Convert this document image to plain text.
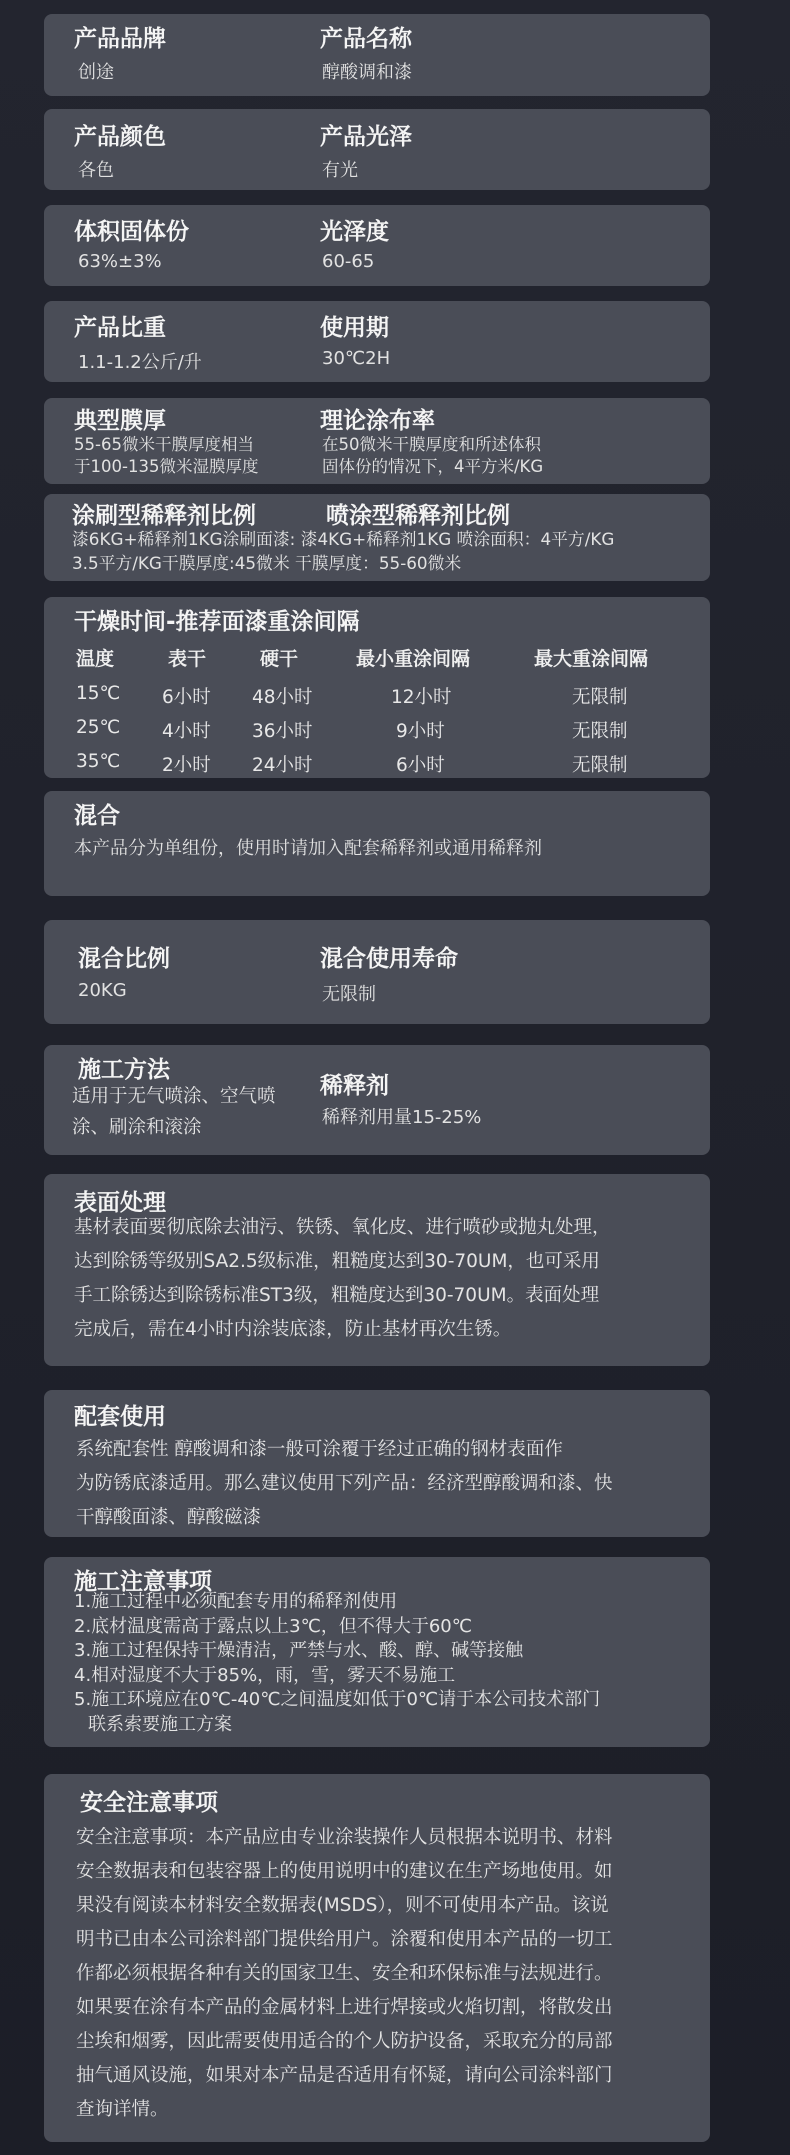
产品品牌
创途
产品名称
醇酸调和漆
产品颜色
各色
产品光泽
有光
体积固体份
63%±3%
光泽度
60-65
产品比重
1.1-1.2公斤/升
使用期
30℃2H
典型膜厚
55-65微米干膜厚度相当
于100-135微米湿膜厚度
理论涂布率
在50微米干膜厚度和所述体积
固体份的情况下，4平方米/KG
涂刷型稀释剂比例	喷涂型稀释剂比例
漆6KG+稀释剂1KG涂刷面漆: 漆4KG+稀释剂1KG 喷涂面积：4平方/KG
3.5平方/KG干膜厚度:45微米 干膜厚度：55-60微米
干燥时间-推荐面漆重涂间隔
温度	表干	硬干	最小重涂间隔	最大重涂间隔
15℃ 6小时 48小时	12小时	无限制
25℃ 4小时 36小时	9小时	无限制
35℃ 2小时 24小时	6小时	无限制
混合
本产品分为单组份，使用时请加入配套稀释剂或通用稀释剂
混合比例
20KG
混合使用寿命
无限制
施工方法
适用于无气喷涂、空气喷
涂、刷涂和滚涂
稀释剂
稀释剂用量15-25%
表面处理
基材表面要彻底除去油污、铁锈、氧化皮、进行喷砂或抛丸处理，
达到除锈等级别SA2.5级标准，粗糙度达到30-70UM，也可采用
手工除锈达到除锈标准ST3级，粗糙度达到30-70UM。表面处理
完成后，需在4小时内涂装底漆，防止基材再次生锈。
配套使用
系统配套性 醇酸调和漆一般可涂覆于经过正确的钢材表面作
为防锈底漆适用。那么建议使用下列产品：经济型醇酸调和漆、快
干醇酸面漆、醇酸磁漆
施工注意事项
1.施工过程中必须配套专用的稀释剂使用
2.底材温度需高于露点以上3℃，但不得大于60℃
3.施工过程保持干燥清洁，严禁与水、酸、醇、碱等接触
4.相对湿度不大于85%，雨，雪，雾天不易施工
5.施工环境应在0℃-40℃之间温度如低于0℃请于本公司技术部门
联系索要施工方案
安全注意事项
安全注意事项：本产品应由专业涂装操作人员根据本说明书、材料
安全数据表和包装容器上的使用说明中的建议在生产场地使用。如
果没有阅读本材料安全数据表(MSDS），则不可使用本产品。该说
明书已由本公司涂料部门提供给用户。涂覆和使用本产品的一切工
作都必须根据各种有关的国家卫生、安全和环保标准与法规进行。
如果要在涂有本产品的金属材料上进行焊接或火焰切割，将散发出
尘埃和烟雾，因此需要使用适合的个人防护设备，采取充分的局部
抽气通风设施，如果对本产品是否适用有怀疑，请向公司涂料部门
查询详情。
